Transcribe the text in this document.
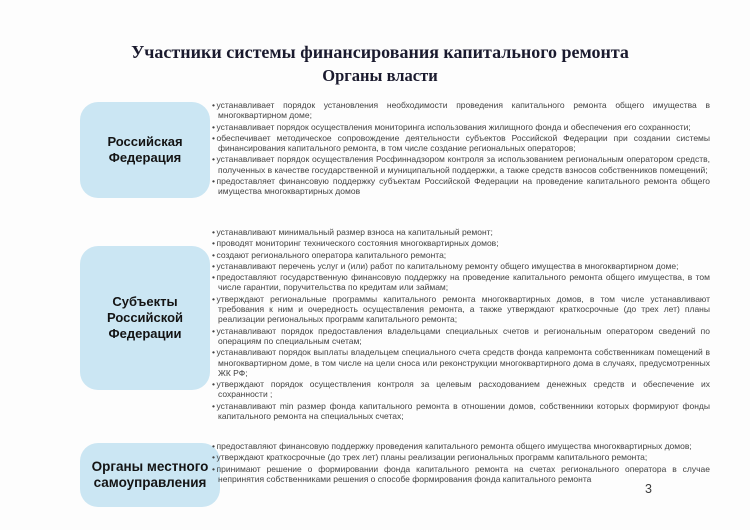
Участники системы финансирования капитального ремонта
Органы власти
Российская Федерация
• устанавливает порядок установления необходимости проведения капитального ремонта общего имущества в многоквартирном доме;
• устанавливает порядок осуществления мониторинга использования жилищного фонда и обеспечения его сохранности;
• обеспечивает методическое сопровождение деятельности субъектов Российской Федерации при создании системы финансирования капитального ремонта, в том числе создание региональных операторов;
• устанавливает порядок осуществления Росфиннадзором контроля за использованием региональным оператором средств, полученных в качестве государственной и муниципальной поддержки, а также средств взносов собственников помещений;
• предоставляет финансовую поддержку субъектам Российской Федерации на проведение капитального ремонта общего имущества многоквартирных домов
Субъекты Российской Федерации
• устанавливают минимальный размер взноса на капитальный ремонт;
• проводят мониторинг технического состояния многоквартирных домов;
• создают регионального оператора капитального ремонта;
• устанавливают перечень услуг и (или) работ по капитальному ремонту общего имущества в многоквартирном доме;
• предоставляют государственную финансовую поддержку на проведение капитального ремонта общего имущества, в том числе гарантии, поручительства по кредитам или займам;
• утверждают региональные программы капитального ремонта многоквартирных домов, в том числе устанавливают требования к ним и очередность осуществления ремонта, а также утверждают краткосрочные (до трех лет) планы реализации региональных программ капитального ремонта;
• устанавливают порядок предоставления владельцами специальных счетов и региональным оператором сведений по операциям по специальным счетам;
• устанавливают порядок выплаты владельцем специального счета средств фонда капремонта собственникам помещений в многоквартирном доме, в том числе на цели сноса или реконструкции многоквартирного дома в случаях, предусмотренных ЖК РФ;
• утверждают порядок осуществления контроля за целевым расходованием денежных средств и обеспечение их сохранности ;
• устанавливают min размер фонда капитального ремонта в отношении домов, собственники которых формируют фонды капитального ремонта на специальных счетах;
Органы местного самоуправления
• предоставляют финансовую поддержку проведения капитального ремонта общего имущества многоквартирных домов;
• утверждают краткосрочные (до трех лет) планы реализации региональных программ капитального ремонта;
• принимают решение о формировании фонда капитального ремонта на счетах регионального оператора в случае непринятия собственниками решения о способе формирования фонда капитального ремонта
3
